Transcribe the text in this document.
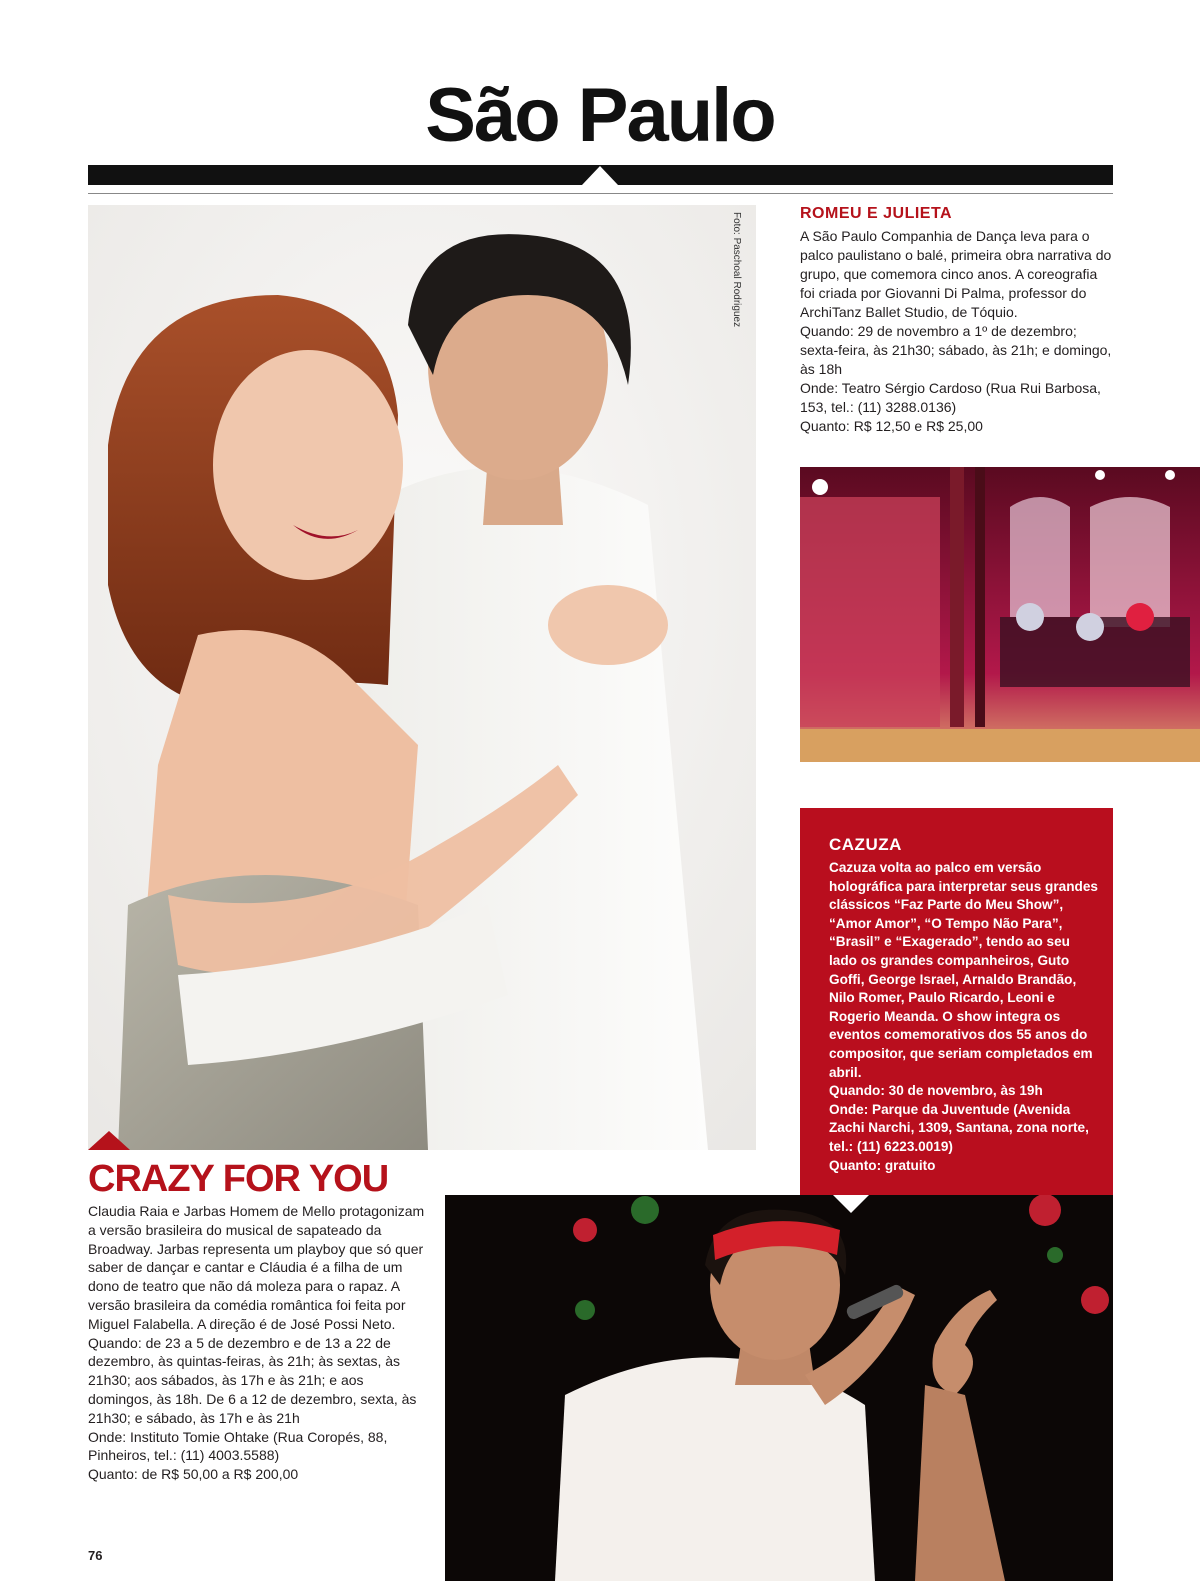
São Paulo
Foto: Paschoal Rodriguez	ROMEU E JULIETA

A São Paulo Companhia de Dança leva para o palco paulistano o balé, primeira obra narrativa do grupo, que comemora cinco anos. A coreografia foi criada por Giovanni Di Palma, professor do ArchiTanz Ballet Studio, de Tóquio.

Quando: 29 de novembro a 1º de dezembro; sexta-feira, às 21h30; sábado, às 21h; e domingo, às 18h

Onde: Teatro Sérgio Cardoso (Rua Rui Barbosa, 153, tel.: (11) 3288.0136)

Quanto: R$ 12,50 e R$ 25,00

CAZUZA

Cazuza volta ao palco em versão holográfica para interpretar seus grandes clássicos “Faz Parte do Meu Show”, “Amor Amor”, “O Tempo Não Para”, “Brasil” e “Exagerado”, tendo ao seu lado os grandes companheiros, Guto Goffi, George Israel, Arnaldo Brandão, Nilo Romer, Paulo Ricardo, Leoni e Rogerio Meanda. O show integra os eventos comemorativos dos 55 anos do compositor, que seriam completados em abril.

Quando: 30 de novembro, às 19h

Onde: Parque da Juventude (Avenida Zachi Narchi, 1309, Santana, zona norte, tel.: (11) 6223.0019)

Quanto: gratuito

CRAZY FOR YOU

Claudia Raia e Jarbas Homem de Mello protagonizam a versão brasileira do musical de sapateado da Broadway. Jarbas representa um playboy que só quer saber de dançar e cantar e Cláudia é a filha de um dono de teatro que não dá moleza para o rapaz. A versão brasileira da comédia romântica foi feita por Miguel Falabella. A direção é de José Possi Neto.

Quando: de 23 a 5 de dezembro e de 13 a 22 de dezembro, às quintas-feiras, às 21h; às sextas, às 21h30; aos sábados, às 17h e às 21h; e aos domingos, às 18h. De 6 a 12 de dezembro, sexta, às 21h30; e sábado, às 17h e às 21h

Onde: Instituto Tomie Ohtake (Rua Coropés, 88, Pinheiros, tel.: (11) 4003.5588)

Quanto: de R$ 50,00 a R$ 200,00

76
